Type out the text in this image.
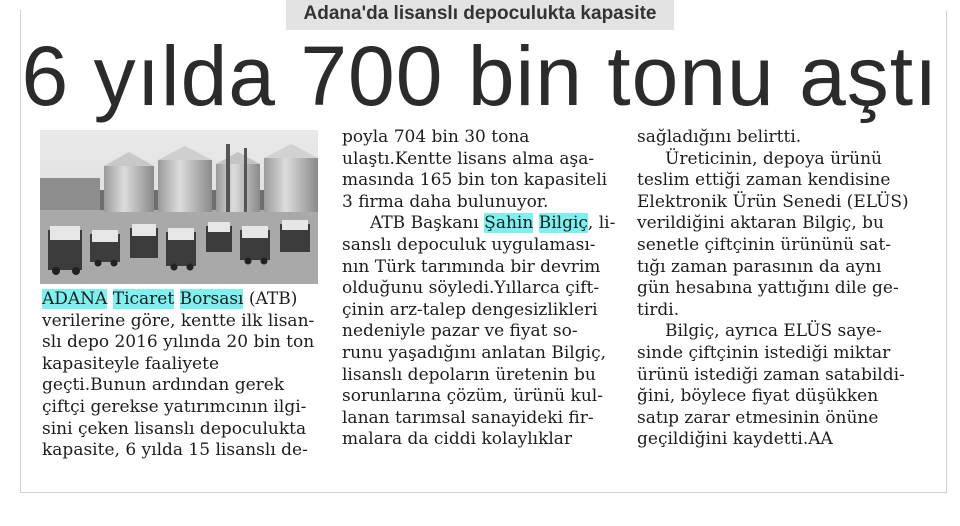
Adana'da lisanslı depoculukta kapasite
6 yılda 700 bin tonu aştı

ADANA Ticaret Borsası (ATB)

verilerine göre, kentte ilk lisan-

slı depo 2016 yılında 20 bin ton

kapasiteyle faaliyete

geçti.Bunun ardından gerek

çiftçi gerekse yatırımcının ilgi-

sini çeken lisanslı depoculukta

kapasite, 6 yılda 15 lisanslı de-

poyla 704 bin 30 tona

ulaştı.Kentte lisans alma aşa-

masında 165 bin ton kapasiteli

3 firma daha bulunuyor.

ATB Başkanı Şahin Bilgiç, li-

sanslı depoculuk uygulaması-

nın Türk tarımında bir devrim

olduğunu söyledi.Yıllarca çift-

çinin arz-talep dengesizlikleri

nedeniyle pazar ve fiyat so-

runu yaşadığını anlatan Bilgiç,

lisanslı depoların üretenin bu

sorunlarına çözüm, ürünü kul-

lanan tarımsal sanayideki fir-

malara da ciddi kolaylıklar

sağladığını belirtti.

Üreticinin, depoya ürünü

teslim ettiği zaman kendisine

Elektronik Ürün Senedi (ELÜS)

verildiğini aktaran Bilgiç, bu

senetle çiftçinin ürününü sat-

tığı zaman parasının da aynı

gün hesabına yattığını dile ge-

tirdi.

Bilgiç, ayrıca ELÜS saye-

sinde çiftçinin istediği miktar

ürünü istediği zaman satabildi-

ğini, böylece fiyat düşükken

satıp zarar etmesinin önüne

geçildiğini kaydetti.AA
